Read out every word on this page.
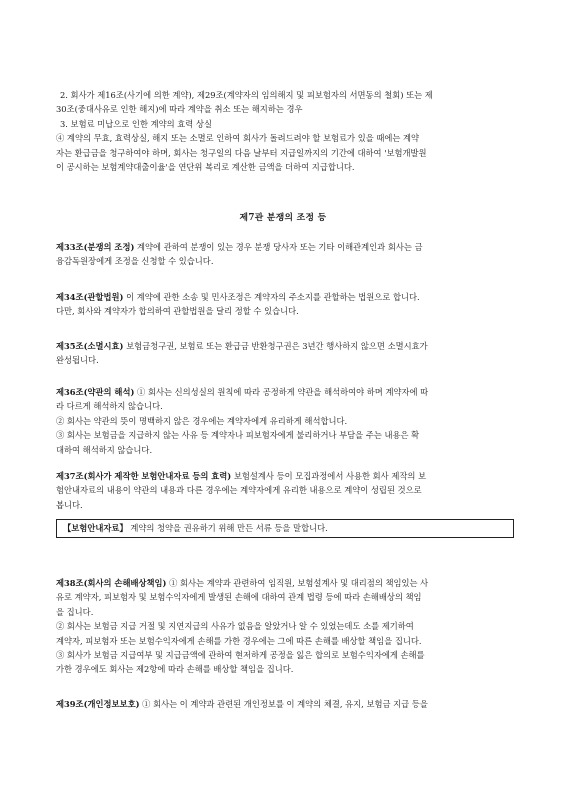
2. 회사가 제16조(사기에 의한 계약), 제29조(계약자의 임의해지 및 피보험자의 서면동의 철회) 또는 제
30조(중대사유로 인한 해지)에 따라 계약을 취소 또는 해지하는 경우
3. 보험료 미납으로 인한 계약의 효력 상실
④ 계약의 무효, 효력상실, 해지 또는 소멸로 인하여 회사가 돌려드려야 할 보험료가 있을 때에는 계약
자는 환급금을 청구하여야 하며, 회사는 청구일의 다음 날부터 지급일까지의 기간에 대하여 '보험개발원
이 공시하는 보험계약대출이율'을 연단위 복리로 계산한 금액을 더하여 지급합니다.
제7관 분쟁의 조정 등
제33조(분쟁의 조정) 계약에 관하여 분쟁이 있는 경우 분쟁 당사자 또는 기타 이해관계인과 회사는 금
융감독원장에게 조정을 신청할 수 있습니다.
제34조(관할법원) 이 계약에 관한 소송 및 민사조정은 계약자의 주소지를 관할하는 법원으로 합니다.
다만, 회사와 계약자가 합의하여 관할법원을 달리 정할 수 있습니다.
제35조(소멸시효) 보험금청구권, 보험료 또는 환급금 반환청구권은 3년간 행사하지 않으면 소멸시효가
완성됩니다.
제36조(약관의 해석) ① 회사는 신의성실의 원칙에 따라 공정하게 약관을 해석하여야 하며 계약자에 따
라 다르게 해석하지 않습니다.
② 회사는 약관의 뜻이 명백하지 않은 경우에는 계약자에게 유리하게 해석합니다.
③ 회사는 보험금을 지급하지 않는 사유 등 계약자나 피보험자에게 불리하거나 부담을 주는 내용은 확
대하여 해석하지 않습니다.
제37조(회사가 제작한 보험안내자료 등의 효력) 보험설계사 등이 모집과정에서 사용한 회사 제작의 보
험안내자료의 내용이 약관의 내용과 다른 경우에는 계약자에게 유리한 내용으로 계약이 성립된 것으로
봅니다.
【보험안내자료】 계약의 청약을 권유하기 위해 만든 서류 등을 말합니다.
제38조(회사의 손해배상책임) ① 회사는 계약과 관련하여 임직원, 보험설계사 및 대리점의 책임있는 사
유로 계약자, 피보험자 및 보험수익자에게 발생된 손해에 대하여 관계 법령 등에 따라 손해배상의 책임
을 집니다.
② 회사는 보험금 지급 거절 및 지연지급의 사유가 없음을 알았거나 알 수 있었는데도 소를 제기하여
계약자, 피보험자 또는 보험수익자에게 손해를 가한 경우에는 그에 따른 손해를 배상할 책임을 집니다.
③ 회사가 보험금 지급여부 및 지급금액에 관하여 현저하게 공정을 잃은 합의로 보험수익자에게 손해를
가한 경우에도 회사는 제2항에 따라 손해를 배상할 책임을 집니다.
제39조(개인정보보호) ① 회사는 이 계약과 관련된 개인정보를 이 계약의 체결, 유지, 보험금 지급 등을
